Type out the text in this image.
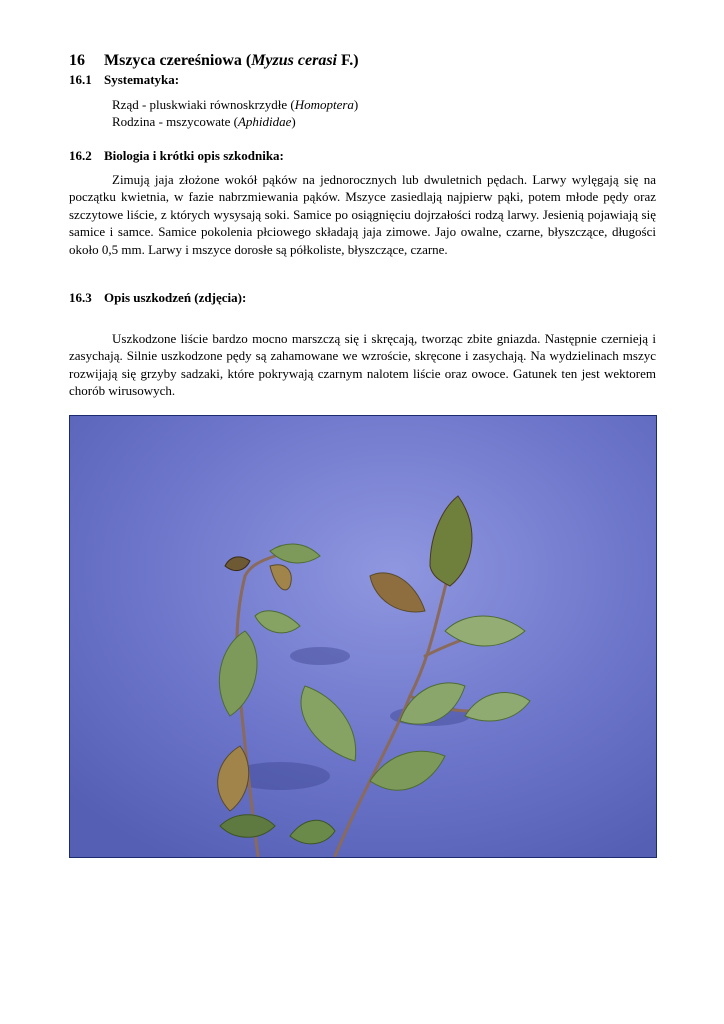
16 Mszyca czereśniowa (Myzus cerasi F.)
16.1 Systematyka:
Rząd - pluskwiaki równoskrzydłe (Homoptera)
Rodzina - mszycowate (Aphididae)
16.2 Biologia i krótki opis szkodnika:

Zimują jaja złożone wokół pąków na jednorocznych lub dwuletnich pędach. Larwy wylęgają się na początku kwietnia, w fazie nabrzmiewania pąków. Mszyce zasiedlają najpierw pąki, potem młode pędy oraz szczytowe liście, z których wysysają soki. Samice po osiągnięciu dojrzałości rodzą larwy. Jesienią pojawiają się samice i samce. Samice pokolenia płciowego składają jaja zimowe. Jajo owalne, czarne, błyszczące, długości około 0,5 mm. Larwy i mszyce dorosłe są półkoliste, błyszczące, czarne.

16.3 Opis uszkodzeń (zdjęcia):

Uszkodzone liście bardzo mocno marszczą się i skręcają, tworząc zbite gniazda. Następnie czernieją i zasychają. Silnie uszkodzone pędy są zahamowane we wzroście, skręcone i zasychają. Na wydzielinach mszyc rozwijają się grzyby sadzaki, które pokrywają czarnym nalotem liście oraz owoce. Gatunek ten jest wektorem chorób wirusowych.
